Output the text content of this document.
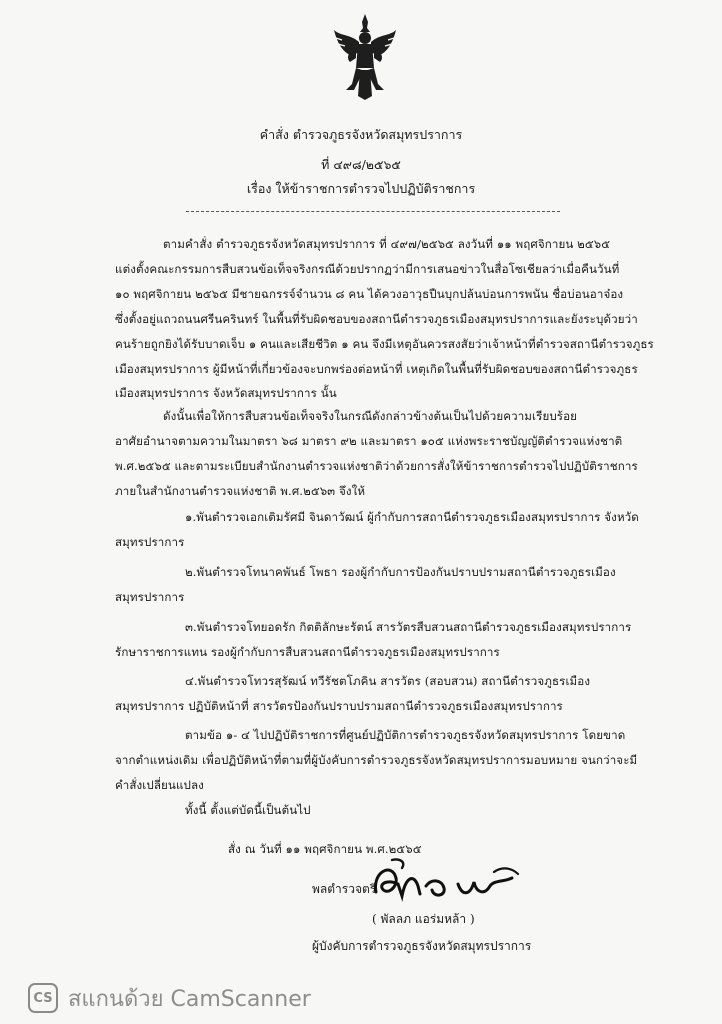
คำสั่ง ตำรวจภูธรจังหวัดสมุทรปราการ
ที่ ๔๙๘/๒๕๖๕
เรื่อง ให้ข้าราชการตำรวจไปปฏิบัติราชการ
ตามคำสั่ง ตำรวจภูธรจังหวัดสมุทรปราการ ที่ ๔๙๗/๒๕๖๕ ลงวันที่ ๑๑ พฤศจิกายน ๒๕๖๕
แต่งตั้งคณะกรรมการสืบสวนข้อเท็จจริงกรณีด้วยปรากฏว่ามีการเสนอข่าวในสื่อโซเชียลว่าเมื่อคืนวันที่
๑๐ พฤศจิกายน ๒๕๖๕ มีชายฉกรรจ์จำนวน ๘ คน ได้ควงอาวุธปืนบุกปล้นบ่อนการพนัน ชื่อบ่อนอาจ๋อง
ซึ่งตั้งอยู่แถวถนนศรีนครินทร์ ในพื้นที่รับผิดชอบของสถานีตำรวจภูธรเมืองสมุทรปราการและยังระบุด้วยว่า
คนร้ายถูกยิงได้รับบาดเจ็บ ๑ คนและเสียชีวิต ๑ คน จึงมีเหตุอันควรสงสัยว่าเจ้าหน้าที่ตำรวจสถานีตำรวจภูธร
เมืองสมุทรปราการ ผู้มีหน้าที่เกี่ยวข้องจะบกพร่องต่อหน้าที่ เหตุเกิดในพื้นที่รับผิดชอบของสถานีตำรวจภูธร
เมืองสมุทรปราการ จังหวัดสมุทรปราการ นั้น
ดังนั้นเพื่อให้การสืบสวนข้อเท็จจริงในกรณีดังกล่าวข้างต้นเป็นไปด้วยความเรียบร้อย
อาศัยอำนาจตามความในมาตรา ๖๘ มาตรา ๙๒ และมาตรา ๑๐๕ แห่งพระราชบัญญัติตำรวจแห่งชาติ
พ.ศ.๒๕๖๕ และตามระเบียบสำนักงานตำรวจแห่งชาติว่าด้วยการสั่งให้ข้าราชการตำรวจไปปฏิบัติราชการ
ภายในสำนักงานตำรวจแห่งชาติ พ.ศ.๒๕๖๓ จึงให้
๑.พันตำรวจเอกเติมรัศมี จินดาวัฒน์ ผู้กำกับการสถานีตำรวจภูธรเมืองสมุทรปราการ จังหวัด
สมุทรปราการ
๒.พันตำรวจโทนาคพันธ์ โพธา รองผู้กำกับการป้องกันปราบปรามสถานีตำรวจภูธรเมือง
สมุทรปราการ
๓.พันตำรวจโทยอดรัก กิตติลักษะรัตน์ สารวัตรสืบสวนสถานีตำรวจภูธรเมืองสมุทรปราการ
รักษาราชการแทน รองผู้กำกับการสืบสวนสถานีตำรวจภูธรเมืองสมุทรปราการ
๔.พันตำรวจโทวรสุรัฒน์ ทวีรัชตโภคิน สารวัตร (สอบสวน) สถานีตำรวจภูธรเมือง
สมุทรปราการ ปฏิบัติหน้าที่ สารวัตรป้องกันปราบปรามสถานีตำรวจภูธรเมืองสมุทรปราการ
ตามข้อ ๑- ๔ ไปปฏิบัติราชการที่ศูนย์ปฏิบัติการตำรวจภูธรจังหวัดสมุทรปราการ โดยขาด
จากตำแหน่งเดิม เพื่อปฏิบัติหน้าที่ตามที่ผู้บังคับการตำรวจภูธรจังหวัดสมุทรปราการมอบหมาย จนกว่าจะมี
คำสั่งเปลี่ยนแปลง
ทั้งนี้ ตั้งแต่บัดนี้เป็นต้นไป
สั่ง ณ วันที่ ๑๑ พฤศจิกายน พ.ศ.๒๕๖๕
พลตำรวจตรี
( พัลลภ แอร่มหล้า )
ผู้บังคับการตำรวจภูธรจังหวัดสมุทรปราการ
CS สแกนด้วย CamScanner
